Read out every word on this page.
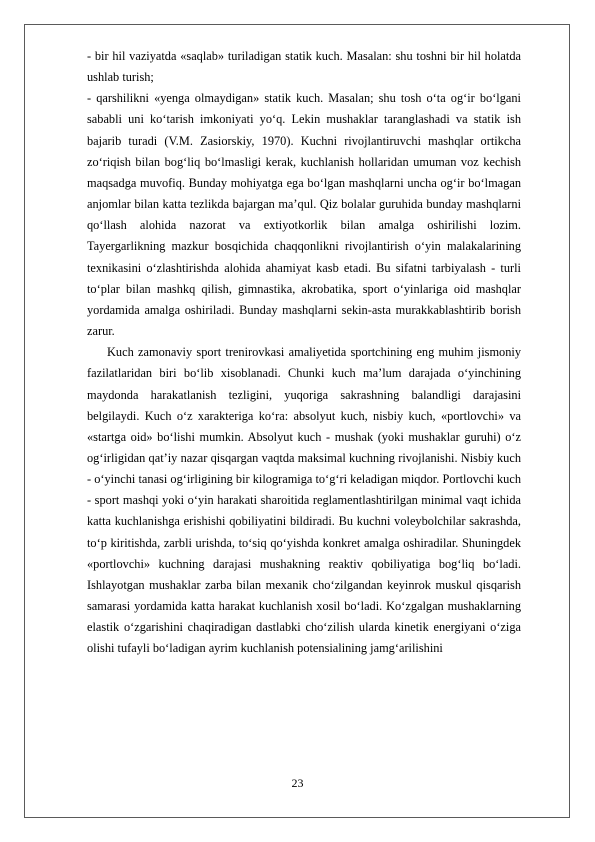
- bir hil vaziyatda «saqlab» turiladigan statik kuch. Masalan: shu toshni bir hil holatda ushlab turish;

- qarshilikni «yenga olmaydigan» statik kuch. Masalan; shu tosh o‘ta og‘ir bo‘lgani sababli uni ko‘tarish imkoniyati yo‘q. Lekin mushaklar taranglashadi va statik ish bajarib turadi (V.M. Zasiorskiy, 1970). Kuchni rivojlantiruvchi mashqlar ortikcha zo‘riqish bilan bog‘liq bo‘lmasligi kerak, kuchlanish hollaridan umuman voz kechish maqsadga muvofiq. Bunday mohiyatga ega bo‘lgan mashqlarni uncha og‘ir bo‘lmagan anjomlar bilan katta tezlikda bajargan ma’qul. Qiz bolalar guruhida bunday mashqlarni qo‘llash alohida nazorat va extiyotkorlik bilan amalga oshirilishi lozim. Tayergarlikning mazkur bosqichida chaqqonlikni rivojlantirish o‘yin malakalarining texnikasini o‘zlashtirishda alohida ahamiyat kasb etadi. Bu sifatni tarbiyalash - turli to‘plar bilan mashkq qilish, gimnastika, akrobatika, sport o‘yinlariga oid mashqlar yordamida amalga oshiriladi. Bunday mashqlarni sekin-asta murakkablashtirib borish zarur.

Kuch zamonaviy sport trenirovkasi amaliyetida sportchining eng muhim jismoniy fazilatlaridan biri bo‘lib xisoblanadi. Chunki kuch ma’lum darajada o‘yinchining maydonda harakatlanish tezligini, yuqoriga sakrashning balandligi darajasini belgilaydi. Kuch o‘z xarakteriga ko‘ra: absolyut kuch, nisbiy kuch, «portlovchi» va «startga oid» bo‘lishi mumkin. Absolyut kuch - mushak (yoki mushaklar guruhi) o‘z og‘irligidan qat’iy nazar qisqargan vaqtda maksimal kuchning rivojlanishi. Nisbiy kuch - o‘yinchi tanasi og‘irligining bir kilogramiga to‘g‘ri keladigan miqdor. Portlovchi kuch - sport mashqi yoki o‘yin harakati sharoitida reglamentlashtirilgan minimal vaqt ichida katta kuchlanishga erishishi qobiliyatini bildiradi. Bu kuchni voleybolchilar sakrashda, to‘p kiritishda, zarbli urishda, to‘siq qo‘yishda konkret amalga oshiradilar. Shuningdek «portlovchi» kuchning darajasi mushakning reaktiv qobiliyatiga bog‘liq bo‘ladi. Ishlayotgan mushaklar zarba bilan mexanik cho‘zilgandan keyinrok muskul qisqarish samarasi yordamida katta harakat kuchlanish xosil bo‘ladi. Ko‘zgalgan mushaklarning elastik o‘zgarishini chaqiradigan dastlabki cho‘zilish ularda kinetik energiyani o‘ziga olishi tufayli bo‘ladigan ayrim kuchlanish potensialining jamg‘arilishini

23
